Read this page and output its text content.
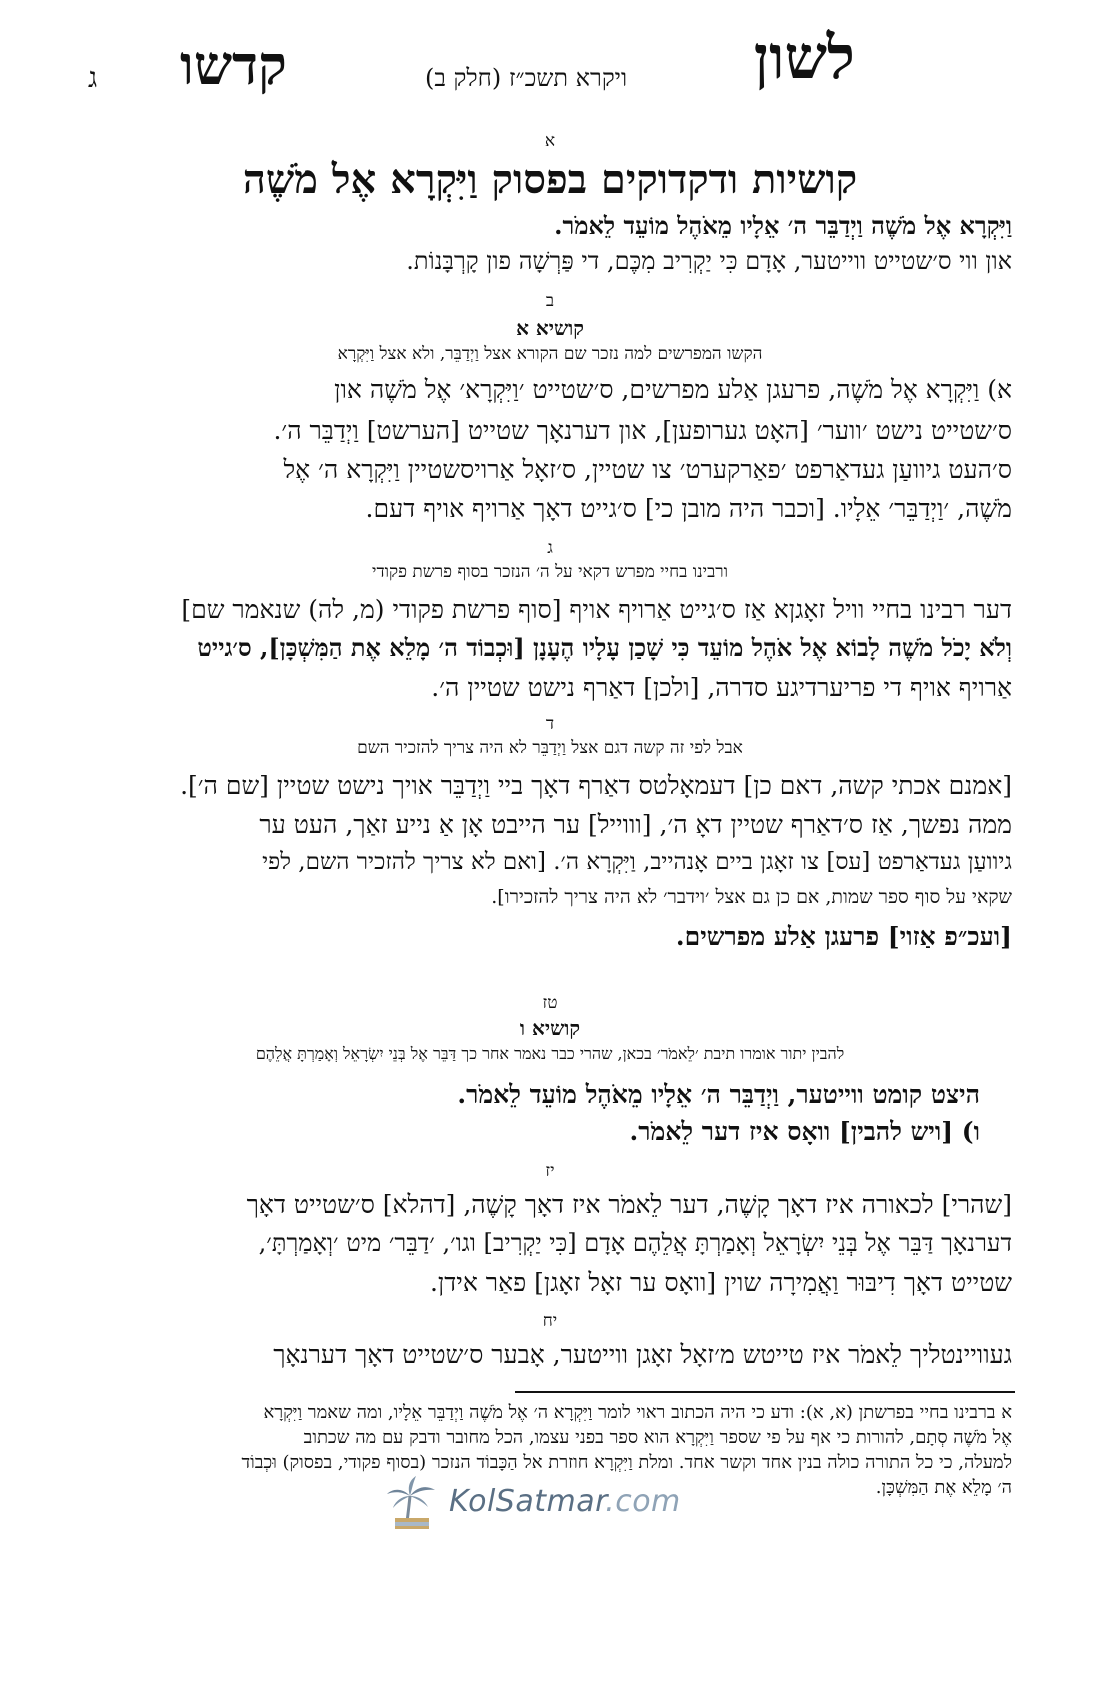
לשון
ויקרא תשכ״ז (חלק ב)
קדשו
ג
א
קושיות ודקדוקים בפסוק וַיִּקְרָא אֶל מֹשֶׁה
וַיִּקְרָא אֶל מֹשֶׁה וַיְדַבֵּר ה׳ אֵלָיו מֵאֹהֶל מוֹעֵד לֵאמֹר.
און ווי ס׳שטייט ווייטער, אָדָם כִּי יַקְרִיב מִכֶּם, די פַּרְשָׁה פון קָרְבָּנוֹת.
ב
קושיא א
הקשו המפרשים למה נזכר שם הקורא אצל וַיְדַבֵּר, ולא אצל וַיִּקְרָא
א) וַיִּקְרָא אֶל מֹשֶׁה, פרעגן אַלע מפרשים, ס׳שטייט ׳וַיִּקְרָא׳ אֶל מֹשֶׁה און
ס׳שטייט נישט ׳ווער׳ [האָט גערופען], און דערנאָך שטייט [הערשט] וַיְדַבֵּר ה׳.
ס׳העט גיוועַן געדאַרפט ׳פאַרקערט׳ צו שטיין, ס׳זאָל אַרויסשטיין וַיִּקְרָא ה׳ אֶל
מֹשֶׁה, ׳וַיְדַבֵּר׳ אֵלָיו. [וכבר היה מובן כי] ס׳גייט דאָך אַרויף אויף דעם.
ג
ורבינו בחיי מפרש דקאי על ה׳ הנזכר בסוף פרשת פקודי
דער רבינו בחיי וויל זאָגןא אַז ס׳גייט אַרויף אויף [סוף פרשת פקודי (מ, לה) שנאמר שם]
וְלֹא יָכֹל מֹשֶׁה לָבוֹא אֶל אֹהֶל מוֹעֵד כִּי שָׁכַן עָלָיו הֶעָנָן [וּכְבוֹד ה׳ מָלֵא אֶת הַמִּשְׁכָּן], ס׳גייט
אַרויף אויף די פריערדיגע סדרה, [ולכן] דאַרף נישט שטיין ה׳.
ד
אבל לפי זה קשה דגם אצל וַיְדַבֵּר לא היה צריך להזכיר השם
[אמנם אכתי קשה, דאם כן] דעמאָלטס דאַרף דאָך ביי וַיְדַבֵּר אויך נישט שטיין [שם ה׳].
ממה נפשך, אַז ס׳דאַרף שטיין דאָ ה׳, [וווייל] ער הייבט אָן אַ נייע זאַך, העט ער
גיוועַן געדאַרפט [עס] צו זאָגן ביים אָנהייב, וַיִּקְרָא ה׳. [ואם לא צריך להזכיר השם, לפי
שקאי על סוף ספר שמות, אם כן גם אצל ׳וידבר׳ לא היה צריך להזכירו].
[ועכ״פ אַזוי] פרעגן אַלע מפרשים.
טז
קושיא ו
להבין יתור אומרו תיבת ׳לֵאמֹר׳ בכאן, שהרי כבר נאמר אחר כך דַּבֵּר אֶל בְּנֵי יִשְׂרָאֵל וְאָמַרְתָּ אֲלֵהֶם
היצט קומט ווייטער, וַיְדַבֵּר ה׳ אֵלָיו מֵאֹהֶל מוֹעֵד לֵאמֹר.
ו) [ויש להבין] וואָס איז דער לֵאמֹר.
יז
[שהרי] לכאורה איז דאָך קָשֶׁה, דער לֵאמֹר איז דאָך קָשֶׁה, [דהלא] ס׳שטייט דאָך
דערנאָך דַּבֵּר אֶל בְּנֵי יִשְׂרָאֵל וְאָמַרְתָּ אֲלֵהֶם אָדָם [כִּי יַקְרִיב] וגו׳, ׳דַבֵּר׳ מיט ׳וְאָמַרְתָּ׳,
שטייט דאָך דִיבּוּר וַאֲמִירָה שוין [וואָס ער זאָל זאָגן] פאַר אידן.
יח
געוויינטליך לֵאמֹר איז טייטש מ׳זאָל זאָגן ווייטער, אָבער ס׳שטייט דאָך דערנאָך
א ברבינו בחיי בפרשתן (א, א): ודע כי היה הכתוב ראוי לומר וַיִּקְרָא ה׳ אֶל מֹשֶׁה וַיְדַבֵּר אֵלָיו, ומה שאמר וַיִּקְרָא
אֶל מֹשֶׁה סְתָם, להורות כי אף על פי שספר וַיִּקְרָא הוא ספר בפני עצמו, הכל מחובר ודבק עם מה שכתוב
למעלה, כי כל התורה כולה בנין אחד וקשר אחד. ומלת וַיִּקְרָא חוזרת אל הַכָּבוֹד הנזכר (בסוף פקודי, בפסוק) וּכְבוֹד
ה׳ מָלֵא אֶת הַמִּשְׁכָּן.
KolSatmar.com
